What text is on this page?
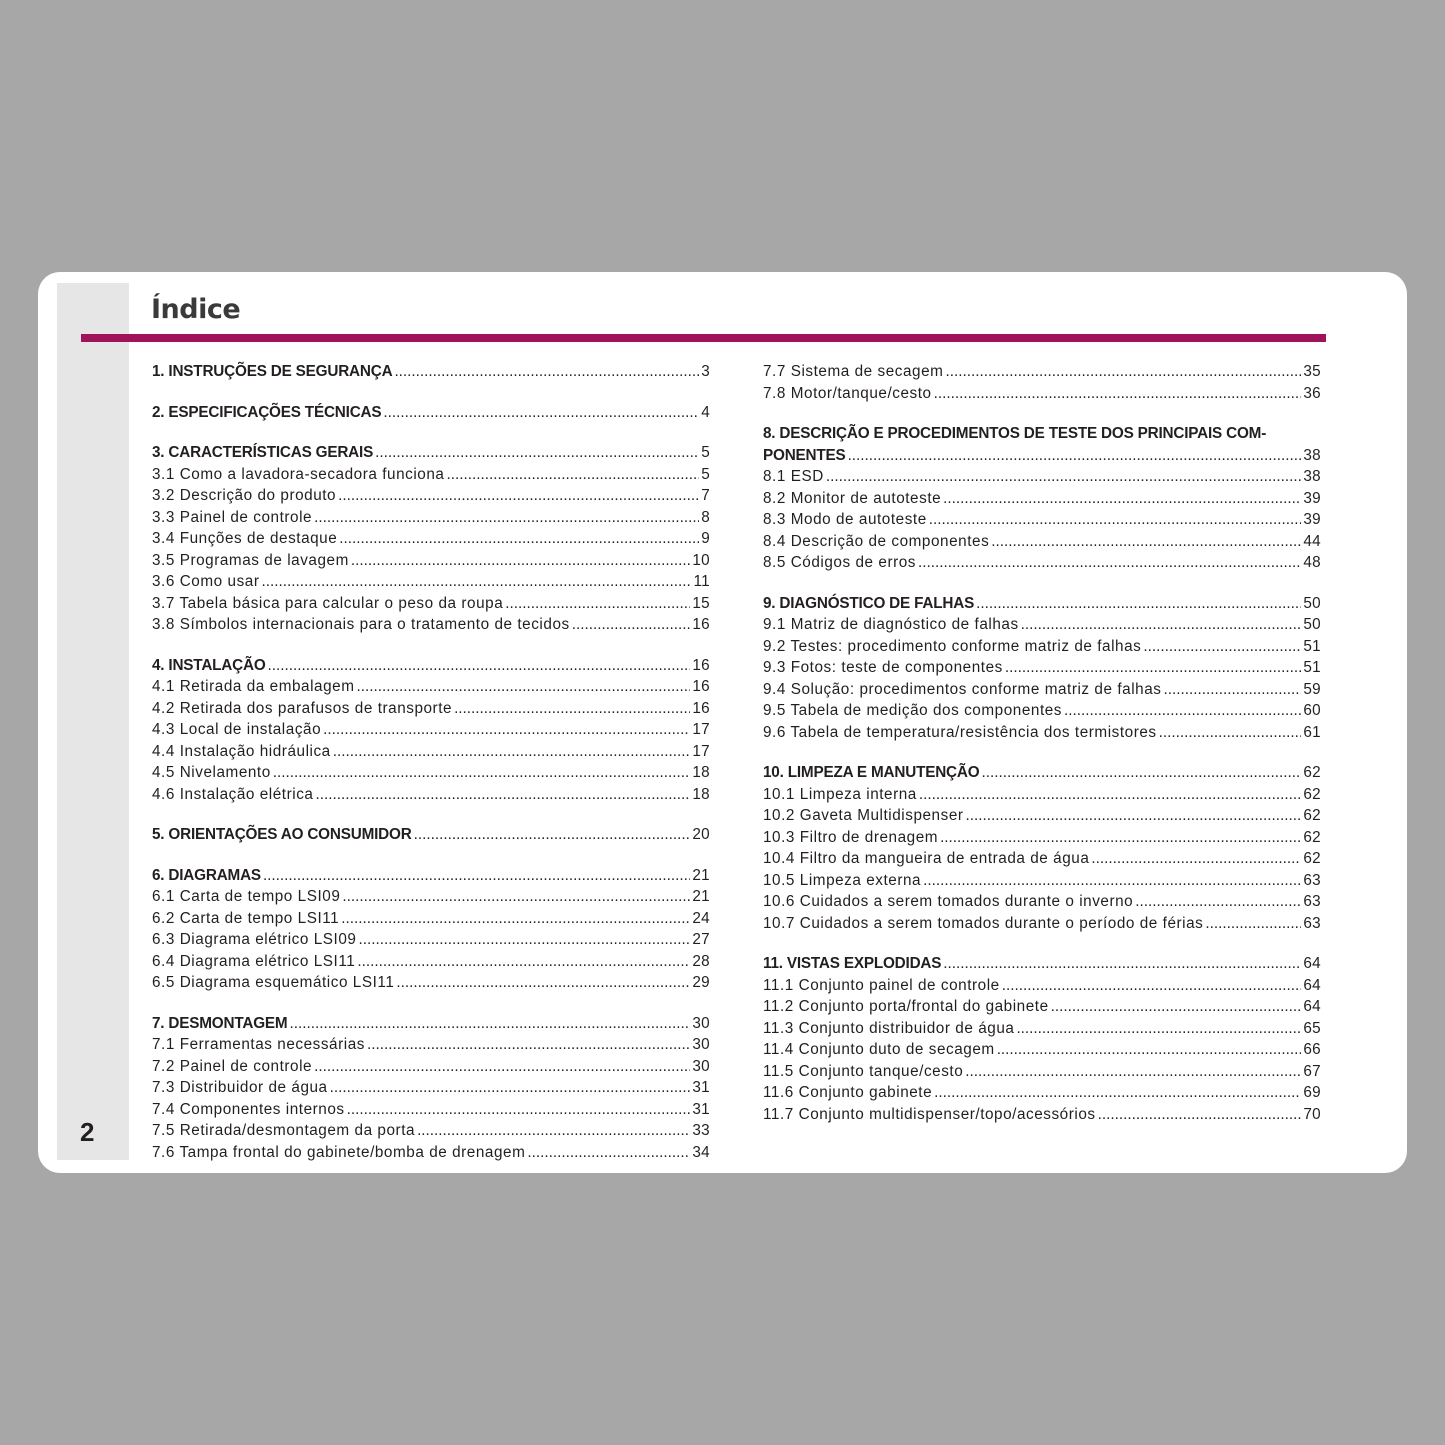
2
Índice
1. INSTRUÇÕES DE SEGURANÇA .....	3
2. ESPECIFICAÇÕES TÉCNICAS .....	4
3. CARACTERÍSTICAS GERAIS .....	5
3.1 Como a lavadora-secadora funciona .....	5
3.2 Descrição do produto .....	7
3.3 Painel de controle .....	8
3.4 Funções de destaque .....	9
3.5 Programas de lavagem .....	10
3.6 Como usar .....	11
3.7 Tabela básica para calcular o peso da roupa .....	15
3.8 Símbolos internacionais para o tratamento de tecidos .....	16
4. INSTALAÇÃO .....	16
4.1 Retirada da embalagem .....	16
4.2 Retirada dos parafusos de transporte .....	16
4.3 Local de instalação .....	17
4.4 Instalação hidráulica .....	17
4.5 Nivelamento .....	18
4.6 Instalação elétrica .....	18
5. ORIENTAÇÕES AO CONSUMIDOR .....	20
6. DIAGRAMAS .....	21
6.1 Carta de tempo LSI09 .....	21
6.2 Carta de tempo LSI11 .....	24
6.3 Diagrama elétrico LSI09 .....	27
6.4 Diagrama elétrico LSI11 .....	28
6.5 Diagrama esquemático LSI11 .....	29
7. DESMONTAGEM .....	30
7.1 Ferramentas necessárias .....	30
7.2 Painel de controle .....	30
7.3 Distribuidor de água .....	31
7.4 Componentes internos .....	31
7.5 Retirada/desmontagem da porta .....	33
7.6 Tampa frontal do gabinete/bomba de drenagem .....	34
7.7 Sistema de secagem .....	35
7.8 Motor/tanque/cesto .....	36
8. DESCRIÇÃO E PROCEDIMENTOS DE TESTE DOS PRINCIPAIS COM-
PONENTES .....	38
8.1 ESD .....	38
8.2 Monitor de autoteste .....	39
8.3 Modo de autoteste .....	39
8.4 Descrição de componentes .....	44
8.5 Códigos de erros .....	48
9. DIAGNÓSTICO DE FALHAS .....	50
9.1 Matriz de diagnóstico de falhas .....	50
9.2 Testes: procedimento conforme matriz de falhas .....	51
9.3 Fotos: teste de componentes .....	51
9.4 Solução: procedimentos conforme matriz de falhas .....	59
9.5 Tabela de medição dos componentes .....	60
9.6 Tabela de temperatura/resistência dos termistores .....	61
10. LIMPEZA E MANUTENÇÃO .....	62
10.1 Limpeza interna .....	62
10.2 Gaveta Multidispenser .....	62
10.3 Filtro de drenagem .....	62
10.4 Filtro da mangueira de entrada de água .....	62
10.5 Limpeza externa .....	63
10.6 Cuidados a serem tomados durante o inverno .....	63
10.7 Cuidados a serem tomados durante o período de férias .....	63
11. VISTAS EXPLODIDAS .....	64
11.1 Conjunto painel de controle .....	64
11.2 Conjunto porta/frontal do gabinete .....	64
11.3 Conjunto distribuidor de água .....	65
11.4 Conjunto duto de secagem .....	66
11.5 Conjunto tanque/cesto .....	67
11.6 Conjunto gabinete .....	69
11.7 Conjunto multidispenser/topo/acessórios .....	70
